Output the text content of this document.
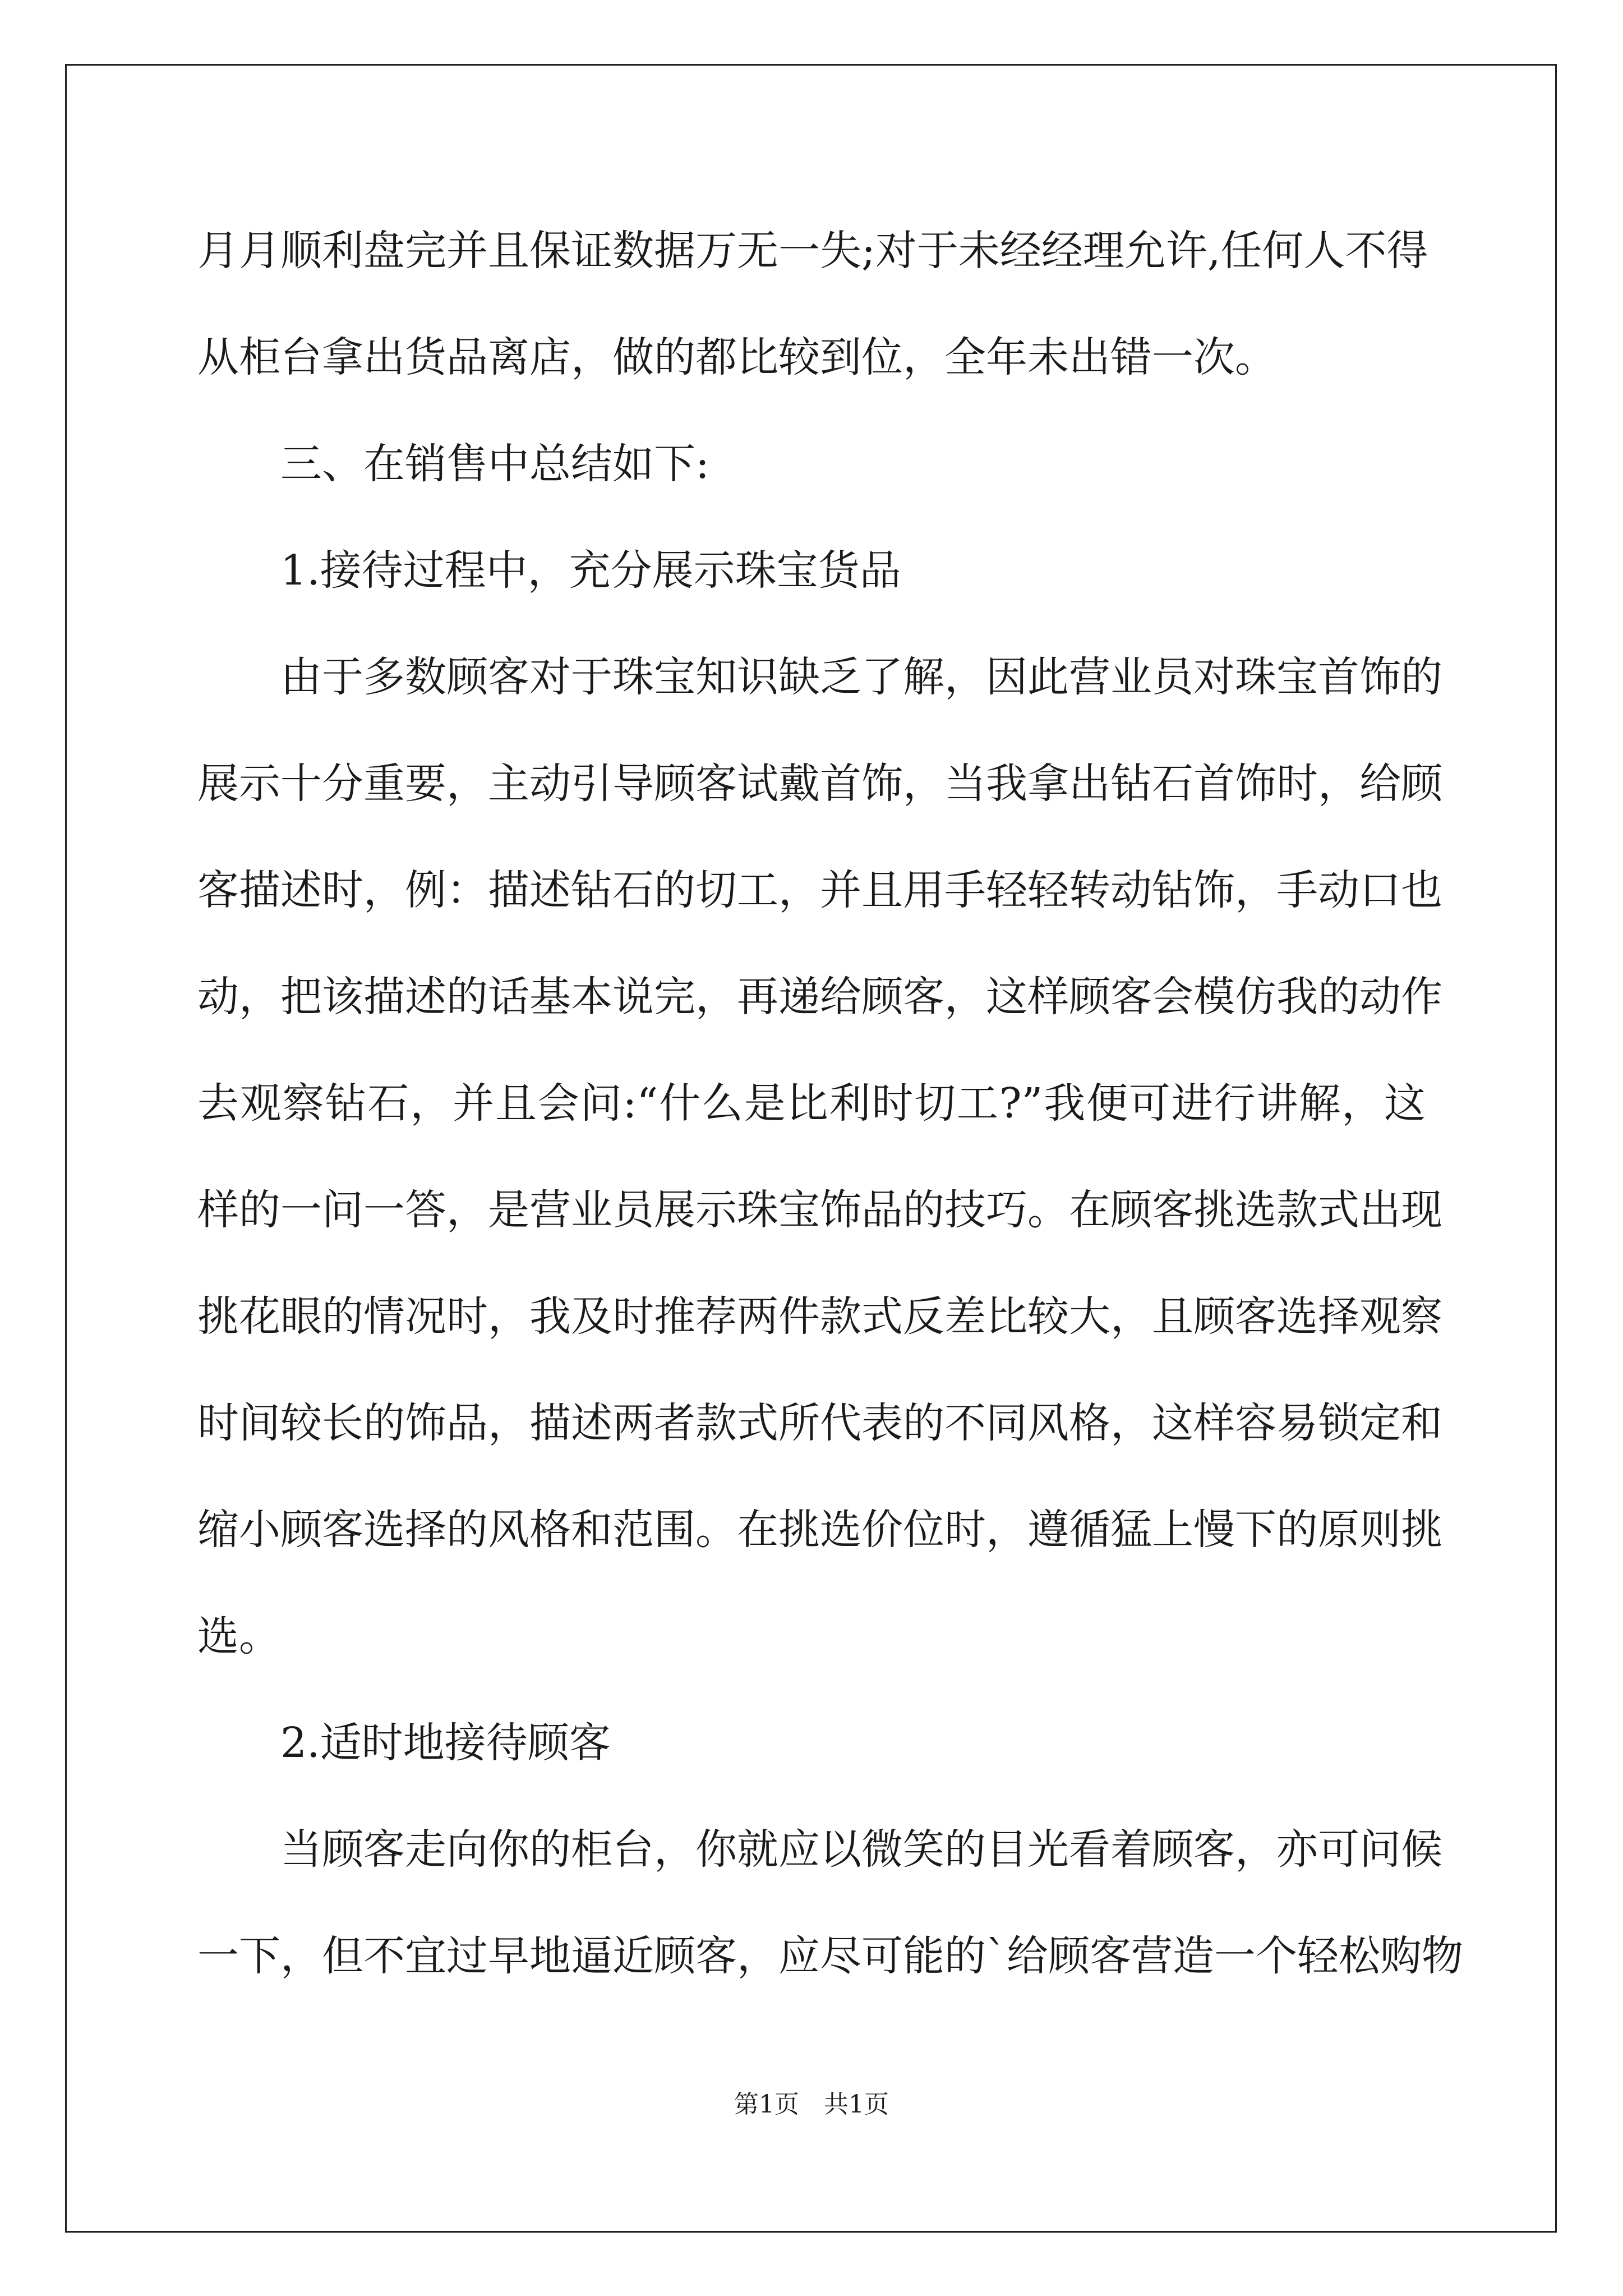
月月顺利盘完并且保证数据万无一失;对于未经经理允许,任何人不得
从柜台拿出货品离店，做的都比较到位，全年未出错一次。
三、在销售中总结如下:
1.接待过程中，充分展示珠宝货品
由于多数顾客对于珠宝知识缺乏了解，因此营业员对珠宝首饰的
展示十分重要，主动引导顾客试戴首饰，当我拿出钻石首饰时，给顾
客描述时，例：描述钻石的切工，并且用手轻轻转动钻饰，手动口也
动，把该描述的话基本说完，再递给顾客，这样顾客会模仿我的动作
去观察钻石，并且会问:“什么是比利时切工?”我便可进行讲解，这
样的一问一答，是营业员展示珠宝饰品的技巧。在顾客挑选款式出现
挑花眼的情况时，我及时推荐两件款式反差比较大，且顾客选择观察
时间较长的饰品，描述两者款式所代表的不同风格，这样容易锁定和
缩小顾客选择的风格和范围。在挑选价位时，遵循猛上慢下的原则挑
选。
2.适时地接待顾客
当顾客走向你的柜台，你就应以微笑的目光看着顾客，亦可问候
一下，但不宜过早地逼近顾客，应尽可能的`给顾客营造一个轻松购物
第1页 共1页
